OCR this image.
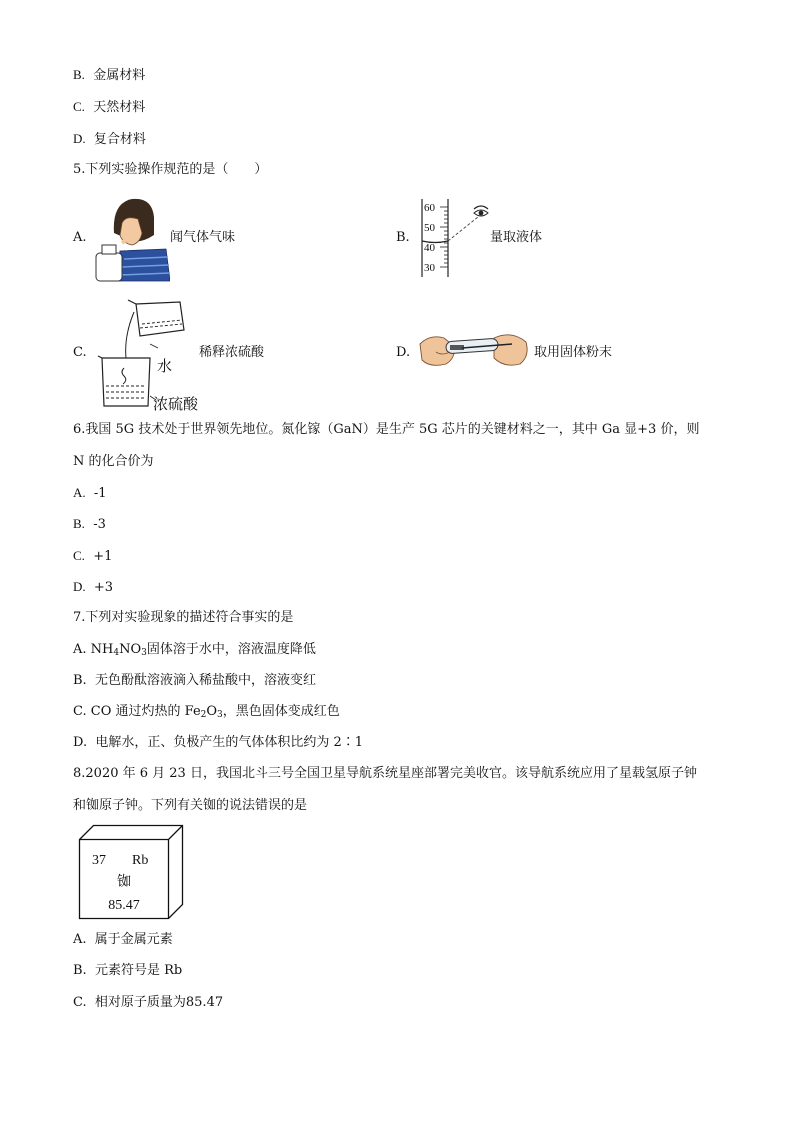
B. 金属材料
C. 天然材料
D. 复合材料
5.下列实验操作规范的是（　　）
A.	闻气体气味	B.
60
50
40
30
量取液体
C.
水
浓硫酸
稀释浓硫酸	D.	取用固体粉末
6.我国 5G 技术处于世界领先地位。氮化镓（GaN）是生产 5G 芯片的关键材料之一，其中 Ga 显+3 价，则
N 的化合价为
A. -1
B. -3
C. +1
D. +3
7.下列对实验现象的描述符合事实的是
A. $NH_4NO_3$固体溶于水中，溶液温度降低
B. 无色酚酞溶液滴入稀盐酸中，溶液变红
C. CO 通过灼热的 $Fe_2O_3$，黑色固体变成红色
D. 电解水，正、负极产生的气体体积比约为 2∶1
8.2020 年 6 月 23 日，我国北斗三号全国卫星导航系统星座部署完美收官。该导航系统应用了星载氢原子钟
和铷原子钟。下列有关铷的说法错误的是
37 Rb
铷
85.47
A. 属于金属元素
B. 元素符号是 Rb
C. 相对原子质量为85.47
